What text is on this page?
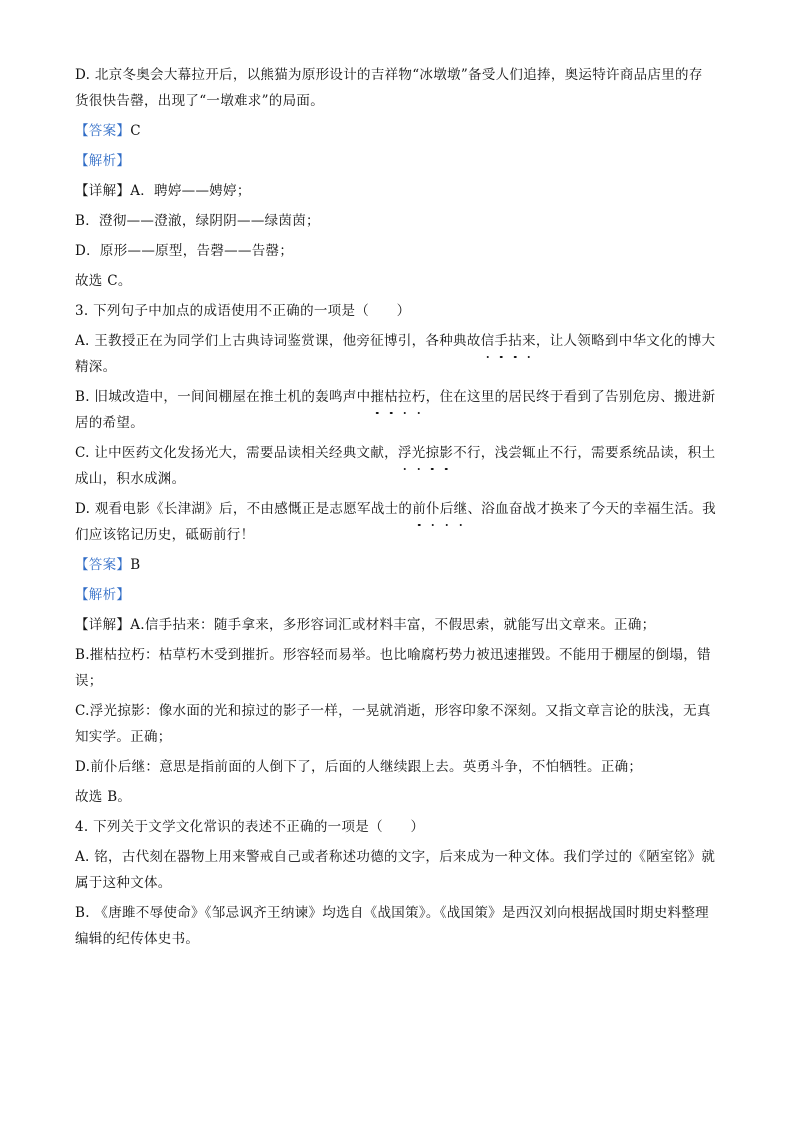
D. 北京冬奥会大幕拉开后，以熊猫为原形设计的吉祥物“冰墩墩”备受人们追捧，奥运特许商品店里的存

货很快告罄，出现了“一墩难求”的局面。

【答案】C

【解析】

【详解】A．聘婷——娉婷；

B．澄彻——澄澈，绿阴阴——绿茵茵；

D．原形——原型，告磬——告罄；

故选 C。

3. 下列句子中加点的成语使用不正确的一项是（　　）

A. 王教授正在为同学们上古典诗词鉴赏课，他旁征博引，各种典故信手拈来，让人领略到中华文化的博大

精深。

B. 旧城改造中，一间间棚屋在推土机的轰鸣声中摧枯拉朽，住在这里的居民终于看到了告别危房、搬进新

居的希望。

C. 让中医药文化发扬光大，需要品读相关经典文献，浮光掠影不行，浅尝辄止不行，需要系统品读，积土

成山，积水成渊。

D. 观看电影《长津湖》后，不由感慨正是志愿军战士的前仆后继、浴血奋战才换来了今天的幸福生活。我

们应该铭记历史，砥砺前行！

【答案】B

【解析】

【详解】A.信手拈来：随手拿来，多形容词汇或材料丰富，不假思索，就能写出文章来。正确；

B.摧枯拉朽：枯草朽木受到摧折。形容轻而易举。也比喻腐朽势力被迅速摧毁。不能用于棚屋的倒塌，错

误；

C.浮光掠影：像水面的光和掠过的影子一样，一晃就消逝，形容印象不深刻。又指文章言论的肤浅，无真

知实学。正确；

D.前仆后继：意思是指前面的人倒下了，后面的人继续跟上去。英勇斗争，不怕牺牲。正确；

故选 B。

4. 下列关于文学文化常识的表述不正确的一项是（　　）

A. 铭，古代刻在器物上用来警戒自己或者称述功德的文字，后来成为一种文体。我们学过的《陋室铭》就

属于这种文体。

B. 《唐雎不辱使命》《邹忌讽齐王纳谏》均选自《战国策》。《战国策》是西汉刘向根据战国时期史料整理

编辑的纪传体史书。
